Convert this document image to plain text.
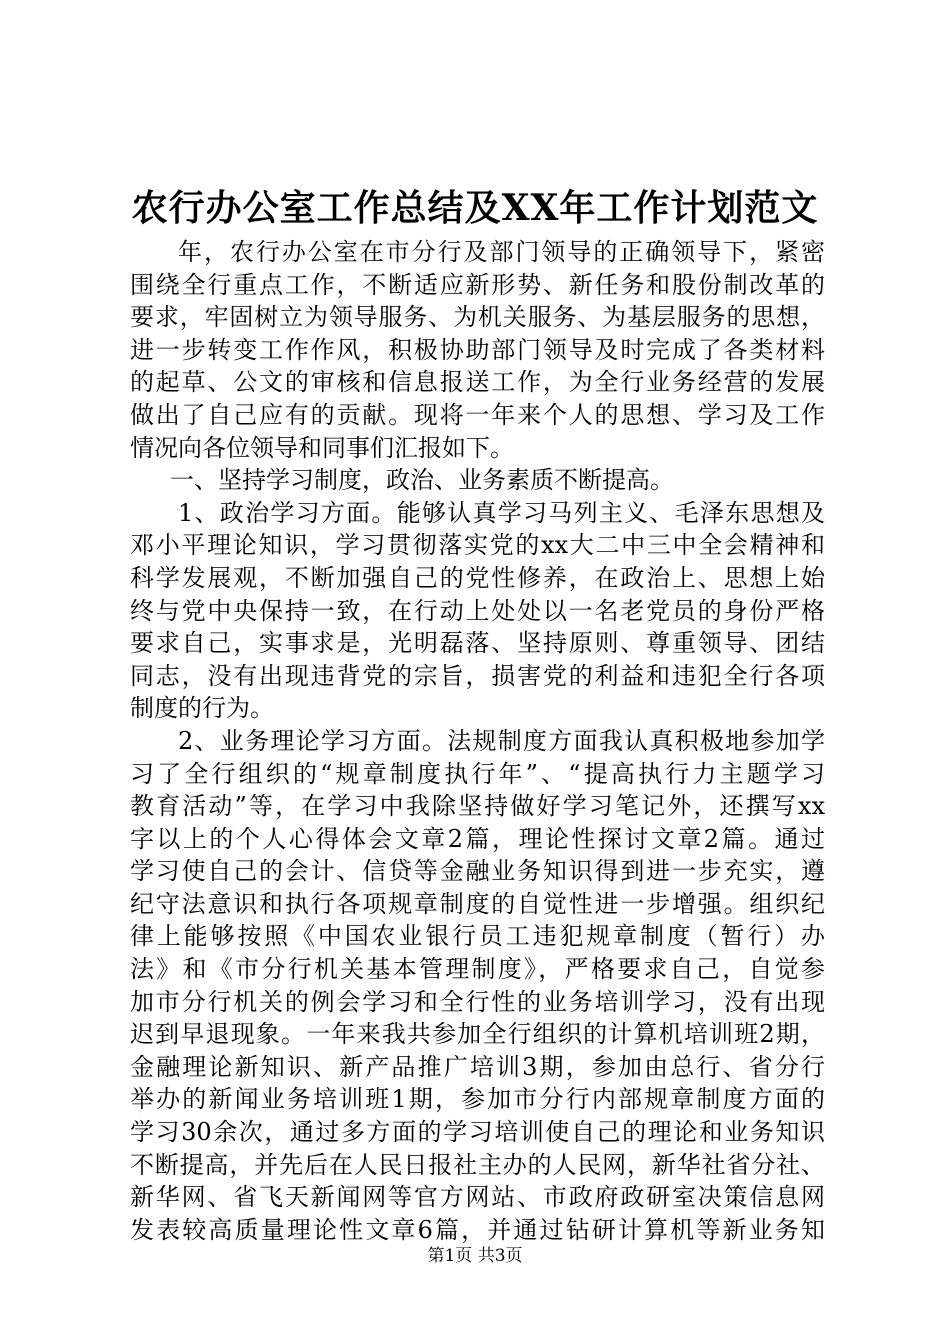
农行办公室工作总结及XX年工作计划范文
年，农行办公室在市分行及部门领导的正确领导下，紧密
围绕全行重点工作，不断适应新形势、新任务和股份制改革的
要求，牢固树立为领导服务、为机关服务、为基层服务的思想，
进一步转变工作作风，积极协助部门领导及时完成了各类材料
的起草、公文的审核和信息报送工作，为全行业务经营的发展
做出了自己应有的贡献。现将一年来个人的思想、学习及工作
情况向各位领导和同事们汇报如下。
一、坚持学习制度，政治、业务素质不断提高。
1、政治学习方面。能够认真学习马列主义、毛泽东思想及
邓小平理论知识，学习贯彻落实党的xx大二中三中全会精神和
科学发展观，不断加强自己的党性修养，在政治上、思想上始
终与党中央保持一致，在行动上处处以一名老党员的身份严格
要求自己，实事求是，光明磊落、坚持原则、尊重领导、团结
同志，没有出现违背党的宗旨，损害党的利益和违犯全行各项
制度的行为。
2、业务理论学习方面。法规制度方面我认真积极地参加学
习了全行组织的“规章制度执行年”、“提高执行力主题学习
教育活动”等，在学习中我除坚持做好学习笔记外，还撰写xx
字以上的个人心得体会文章2篇，理论性探讨文章2篇。通过
学习使自己的会计、信贷等金融业务知识得到进一步充实，遵
纪守法意识和执行各项规章制度的自觉性进一步增强。组织纪
律上能够按照《中国农业银行员工违犯规章制度（暂行）办
法》和《市分行机关基本管理制度》，严格要求自己，自觉参
加市分行机关的例会学习和全行性的业务培训学习，没有出现
迟到早退现象。一年来我共参加全行组织的计算机培训班2期，
金融理论新知识、新产品推广培训3期，参加由总行、省分行
举办的新闻业务培训班1期，参加市分行内部规章制度方面的
学习30余次，通过多方面的学习培训使自己的理论和业务知识
不断提高，并先后在人民日报社主办的人民网，新华社省分社、
新华网、省飞天新闻网等官方网站、市政府政研室决策信息网
发表较高质量理论性文章6篇，并通过钻研计算机等新业务知
第1页 共3页
